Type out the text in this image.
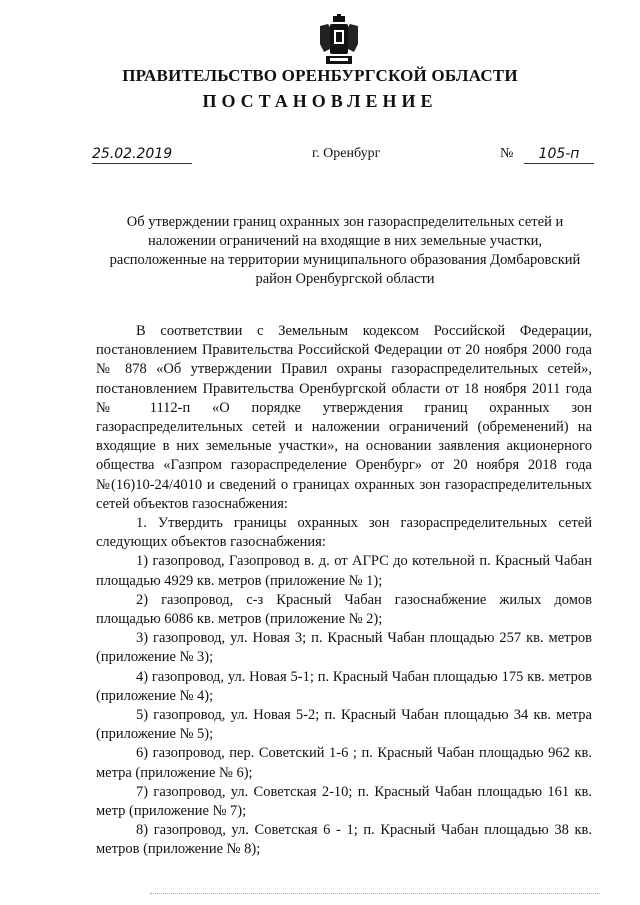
ПРАВИТЕЛЬСТВО ОРЕНБУРГСКОЙ ОБЛАСТИ
ПОСТАНОВЛЕНИЕ
25.02.2019	г. Оренбург	№	105-п
Об утверждении границ охранных зон газораспределительных сетей и наложении ограничений на входящие в них земельные участки, расположенные на территории муниципального образования Домбаровский район Оренбургской области

В соответствии с Земельным кодексом Российской Федерации, постановлением Правительства Российской Федерации от 20 ноября 2000 года № 878 «Об утверждении Правил охраны газораспределительных сетей», постановлением Правительства Оренбургской области от 18 ноября 2011 года № 1112-п «О порядке утверждения границ охранных зон газораспределительных сетей и наложении ограничений (обременений) на входящие в них земельные участки», на основании заявления акционерного общества «Газпром газораспределение Оренбург» от 20 ноября 2018 года №(16)10-24/4010 и сведений о границах охранных зон газораспределительных сетей объектов газоснабжения:

1. Утвердить границы охранных зон газораспределительных сетей следующих объектов газоснабжения:

1) газопровод, Газопровод в. д. от АГРС до котельной п. Красный Чабан площадью 4929 кв. метров (приложение № 1);

2) газопровод, с-з Красный Чабан газоснабжение жилых домов площадью 6086 кв. метров (приложение № 2);

3) газопровод, ул. Новая 3; п. Красный Чабан площадью 257 кв. метров (приложение № 3);

4) газопровод, ул. Новая 5-1; п. Красный Чабан площадью 175 кв. метров (приложение № 4);

5) газопровод, ул. Новая 5-2; п. Красный Чабан площадью 34 кв. метра (приложение № 5);

6) газопровод, пер. Советский 1-6 ; п. Красный Чабан площадью 962 кв. метра (приложение № 6);

7) газопровод, ул. Советская 2-10; п. Красный Чабан площадью 161 кв. метр (приложение № 7);

8) газопровод, ул. Советская 6 - 1; п. Красный Чабан площадью 38 кв. метров (приложение № 8);
